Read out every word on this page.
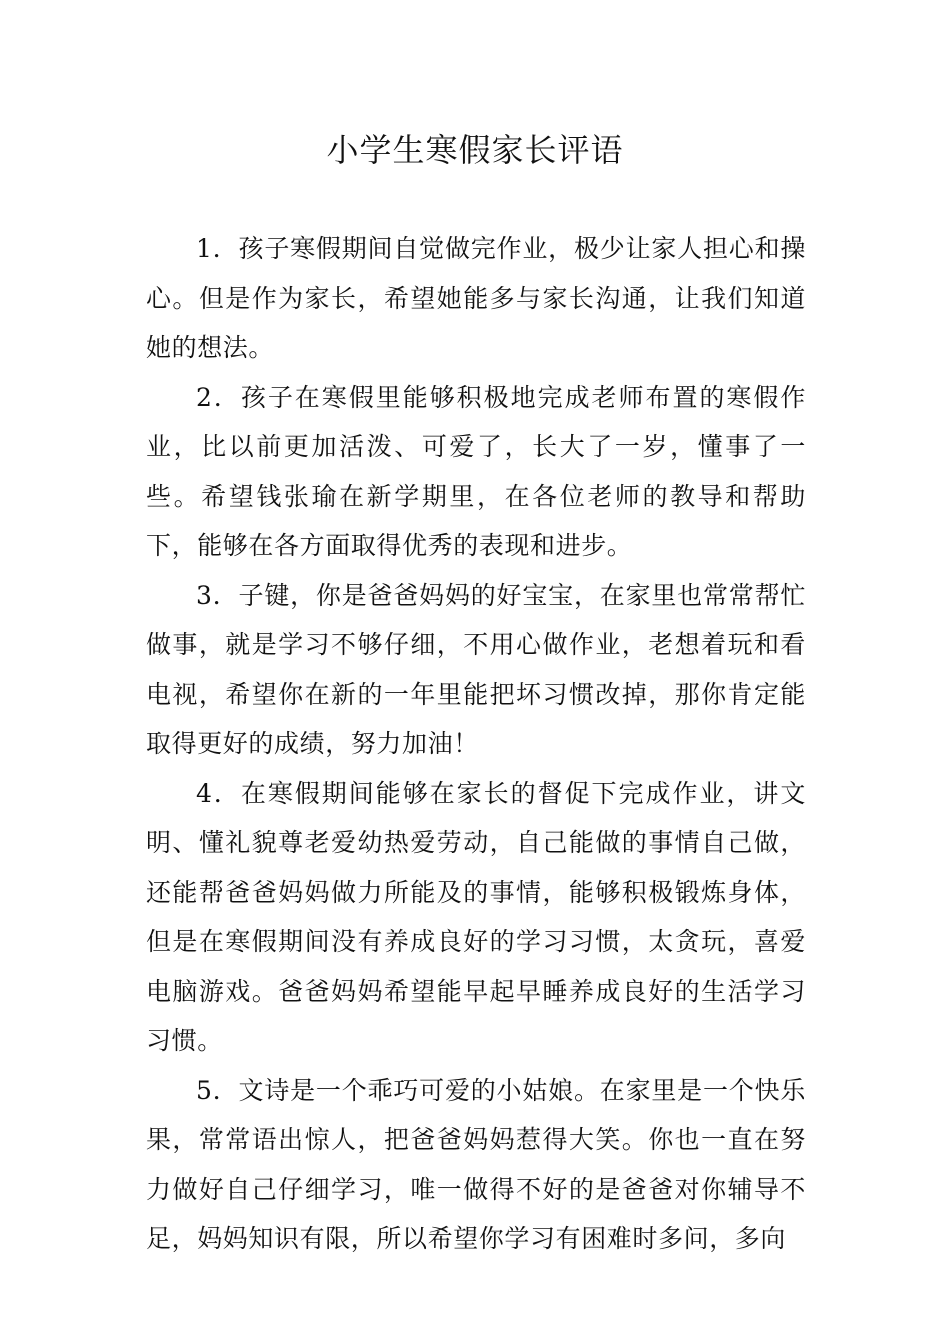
小学生寒假家长评语

1．孩子寒假期间自觉做完作业，极少让家人担心和操心。但是作为家长，希望她能多与家长沟通，让我们知道她的想法。

2．孩子在寒假里能够积极地完成老师布置的寒假作业，比以前更加活泼、可爱了，长大了一岁，懂事了一些。希望钱张瑜在新学期里，在各位老师的教导和帮助下，能够在各方面取得优秀的表现和进步。

3．子键，你是爸爸妈妈的好宝宝，在家里也常常帮忙做事，就是学习不够仔细，不用心做作业，老想着玩和看电视，希望你在新的一年里能把坏习惯改掉，那你肯定能取得更好的成绩，努力加油！

4．在寒假期间能够在家长的督促下完成作业，讲文明、懂礼貌尊老爱幼热爱劳动，自己能做的事情自己做，还能帮爸爸妈妈做力所能及的事情，能够积极锻炼身体，但是在寒假期间没有养成良好的学习习惯，太贪玩，喜爱电脑游戏。爸爸妈妈希望能早起早睡养成良好的生活学习习惯。

5．文诗是一个乖巧可爱的小姑娘。在家里是一个快乐果，常常语出惊人，把爸爸妈妈惹得大笑。你也一直在努力做好自己仔细学习，唯一做得不好的是爸爸对你辅导不足，妈妈知识有限，所以希望你学习有困难时多问，多向
